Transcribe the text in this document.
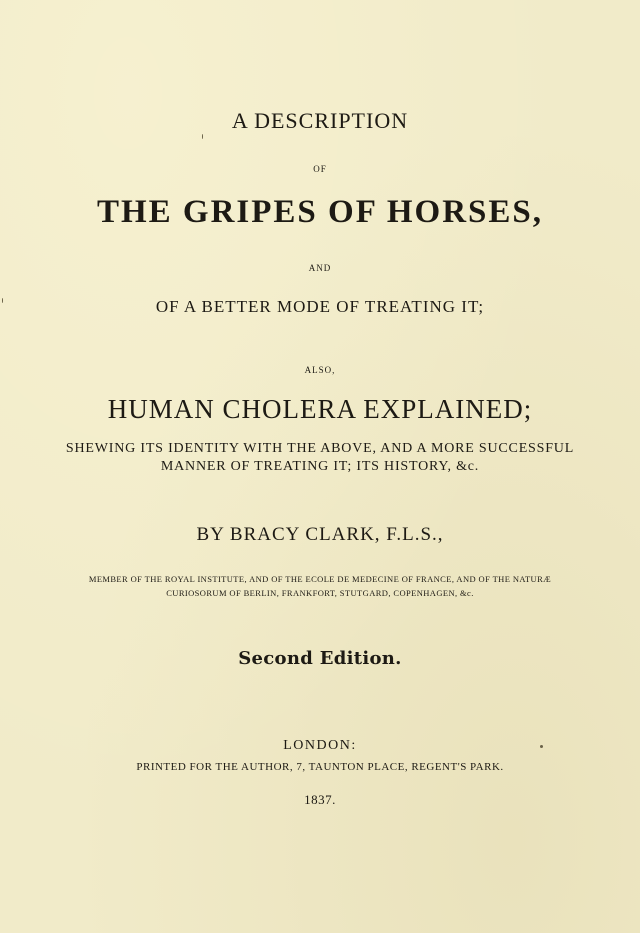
A DESCRIPTION
OF
THE GRIPES OF HORSES,
AND
OF A BETTER MODE OF TREATING IT;
ALSO,
HUMAN CHOLERA EXPLAINED;
SHEWING ITS IDENTITY WITH THE ABOVE, AND A MORE SUCCESSFUL
MANNER OF TREATING IT; ITS HISTORY, &c.
BY BRACY CLARK, F.L.S.,
MEMBER OF THE ROYAL INSTITUTE, AND OF THE ECOLE DE MEDECINE OF FRANCE, AND OF THE NATURÆ
CURIOSORUM OF BERLIN, FRANKFORT, STUTGARD, COPENHAGEN, &c.
Second Edition.
LONDON:
PRINTED FOR THE AUTHOR, 7, TAUNTON PLACE, REGENT'S PARK.
1837.
